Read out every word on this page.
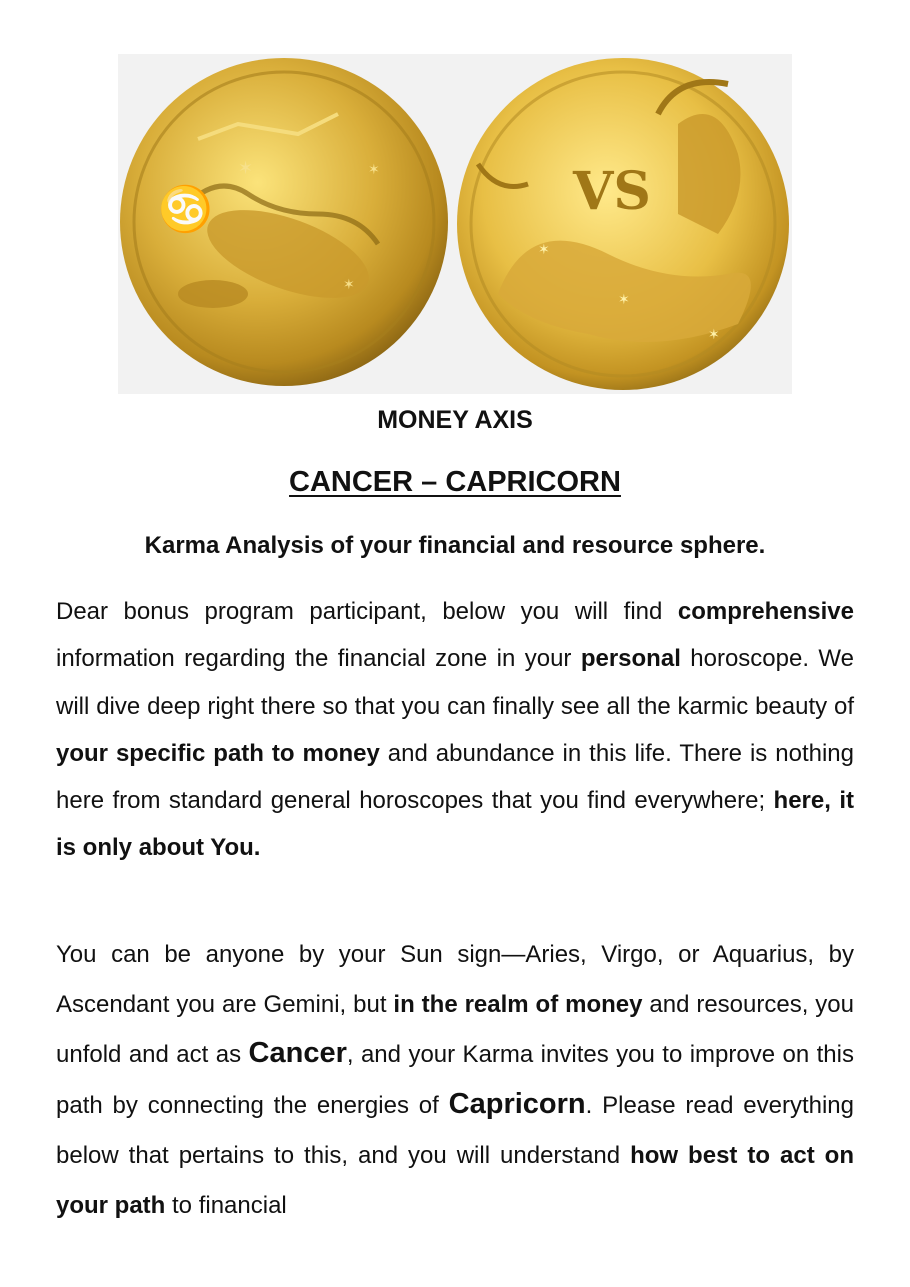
♋
✶	✶
✶
VS
✶
✶
✶
MONEY AXIS
CANCER – CAPRICORN
Karma Analysis of your financial and resource sphere.
Dear bonus program participant, below you will find comprehensive information regarding the financial zone in your personal horoscope. We will dive deep right there so that you can finally see all the karmic beauty of your specific path to money and abundance in this life. There is nothing here from standard general horoscopes that you find everywhere; here, it is only about You.
You can be anyone by your Sun sign—Aries, Virgo, or Aquarius, by Ascendant you are Gemini, but in the realm of money and resources, you unfold and act as Cancer, and your Karma invites you to improve on this path by connecting the energies of Capricorn. Please read everything below that pertains to this, and you will understand how best to act on your path to financial
